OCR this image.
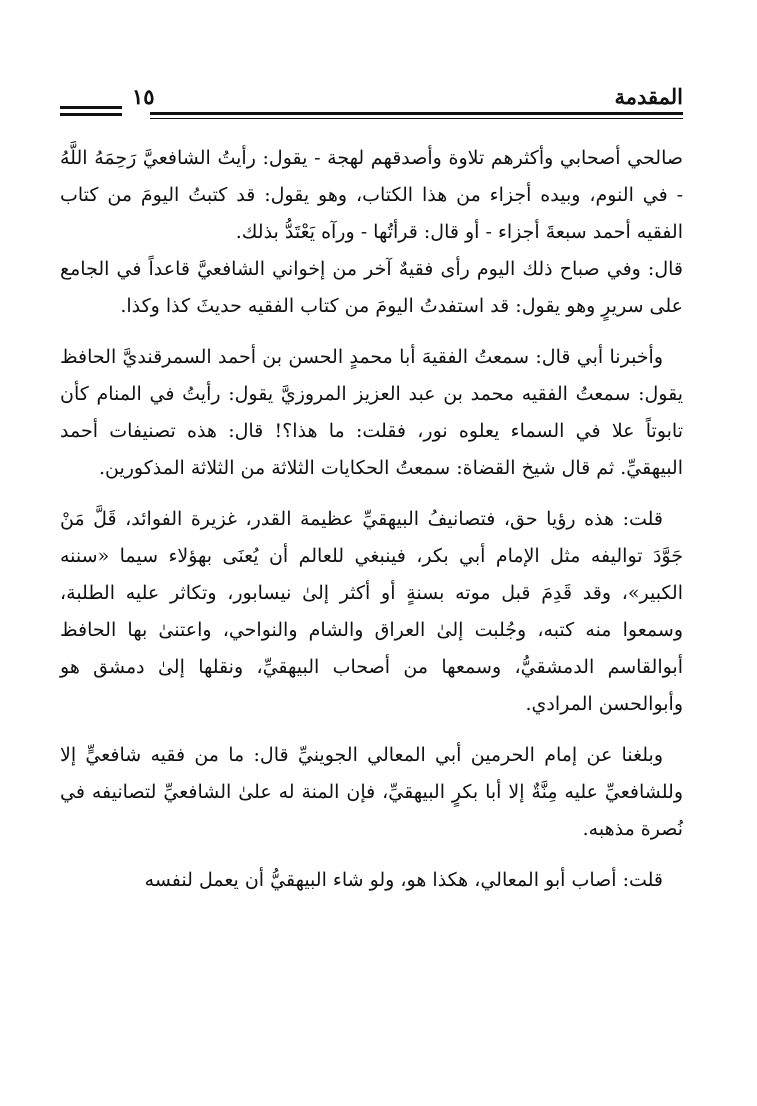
المقدمة
١٥

صالحي أصحابي وأكثرهم تلاوة وأصدقهم لهجة - يقول: رأيتُ الشافعيَّ رَحِمَهُ اللَّهُ - في النوم، وبيده أجزاء من هذا الكتاب، وهو يقول: قد كتبتُ اليومَ من كتاب الفقيه أحمد سبعةَ أجزاء - أو قال: قرأتُها - ورآه يَعْتَدُّ بذلك.

قال: وفي صباح ذلك اليوم رأى فقيهٌ آخر من إخواني الشافعيَّ قاعداً في الجامع على سريرٍ وهو يقول: قد استفدتُ اليومَ من كتاب الفقيه حديثَ كذا وكذا.

وأخبرنا أبي قال: سمعتُ الفقيهَ أبا محمدٍ الحسن بن أحمد السمرقنديَّ الحافظ يقول: سمعتُ الفقيه محمد بن عبد العزيز المروزيَّ يقول: رأيتُ في المنام كأن تابوتاً علا في السماء يعلوه نور، فقلت: ما هذا؟! قال: هذه تصنيفات أحمد البيهقيِّ. ثم قال شيخ القضاة: سمعتُ الحكايات الثلاثة من الثلاثة المذكورين.

قلت: هذه رؤيا حق، فتصانيفُ البيهقيِّ عظيمة القدر، غزيرة الفوائد، قَلَّ مَنْ جَوَّدَ تواليفه مثل الإمام أبي بكر، فينبغي للعالم أن يُعنَى بهؤلاء سيما «سننه الكبير»، وقد قَدِمَ قبل موته بسنةٍ أو أكثر إلىٰ نيسابور، وتكاثر عليه الطلبة، وسمعوا منه كتبه، وجُلبت إلىٰ العراق والشام والنواحي، واعتنىٰ بها الحافظ أبوالقاسم الدمشقيُّ، وسمعها من أصحاب البيهقيِّ، ونقلها إلىٰ دمشق هو وأبوالحسن المرادي.

وبلغنا عن إمام الحرمين أبي المعالي الجوينيِّ قال: ما من فقيه شافعيٍّ إلا وللشافعيِّ عليه مِنَّةٌ إلا أبا بكرٍ البيهقيِّ، فإن المنة له علىٰ الشافعيِّ لتصانيفه في نُصرة مذهبه.

قلت: أصاب أبو المعالي، هكذا هو، ولو شاء البيهقيُّ أن يعمل لنفسه
